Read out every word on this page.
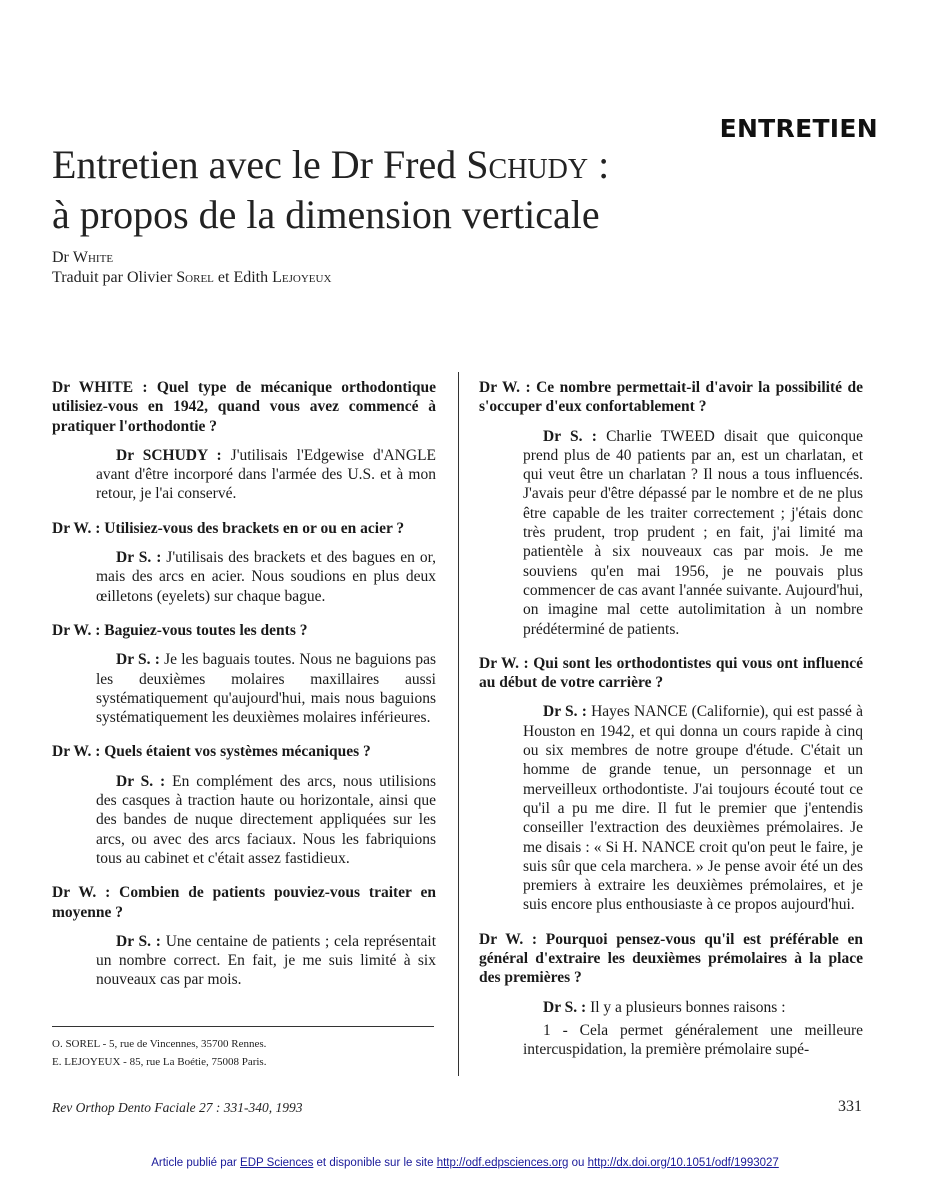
ENTRETIEN
Entretien avec le Dr Fred Schudy :
à propos de la dimension verticale
Dr White
Traduit par Olivier Sorel et Edith Lejoyeux

Dr WHITE : Quel type de mécanique orthodontique utilisiez-vous en 1942, quand vous avez commencé à pratiquer l'orthodontie ?

Dr SCHUDY : J'utilisais l'Edgewise d'ANGLE avant d'être incorporé dans l'armée des U.S. et à mon retour, je l'ai conservé.

Dr W. : Utilisiez-vous des brackets en or ou en acier ?

Dr S. : J'utilisais des brackets et des bagues en or, mais des arcs en acier. Nous soudions en plus deux œilletons (eyelets) sur chaque bague.

Dr W. : Baguiez-vous toutes les dents ?

Dr S. : Je les baguais toutes. Nous ne baguions pas les deuxièmes molaires maxillaires aussi systématiquement qu'aujourd'hui, mais nous baguions systématiquement les deuxièmes molaires inférieures.

Dr W. : Quels étaient vos systèmes mécaniques ?

Dr S. : En complément des arcs, nous utilisions des casques à traction haute ou horizontale, ainsi que des bandes de nuque directement appliquées sur les arcs, ou avec des arcs faciaux. Nous les fabriquions tous au cabinet et c'était assez fastidieux.

Dr W. : Combien de patients pouviez-vous traiter en moyenne ?

Dr S. : Une centaine de patients ; cela représentait un nombre correct. En fait, je me suis limité à six nouveaux cas par mois.

Dr W. : Ce nombre permettait-il d'avoir la possibilité de s'occuper d'eux confortablement ?

Dr S. : Charlie TWEED disait que quiconque prend plus de 40 patients par an, est un charlatan, et qui veut être un charlatan ? Il nous a tous influencés. J'avais peur d'être dépassé par le nombre et de ne plus être capable de les traiter correctement ; j'étais donc très prudent, trop prudent ; en fait, j'ai limité ma patientèle à six nouveaux cas par mois. Je me souviens qu'en mai 1956, je ne pouvais plus commencer de cas avant l'année suivante. Aujourd'hui, on imagine mal cette autolimitation à un nombre prédéterminé de patients.

Dr W. : Qui sont les orthodontistes qui vous ont influencé au début de votre carrière ?

Dr S. : Hayes NANCE (Californie), qui est passé à Houston en 1942, et qui donna un cours rapide à cinq ou six membres de notre groupe d'étude. C'était un homme de grande tenue, un personnage et un merveilleux orthodontiste. J'ai toujours écouté tout ce qu'il a pu me dire. Il fut le premier que j'entendis conseiller l'extraction des deuxièmes prémolaires. Je me disais : « Si H. NANCE croit qu'on peut le faire, je suis sûr que cela marchera. » Je pense avoir été un des premiers à extraire les deuxièmes prémolaires, et je suis encore plus enthousiaste à ce propos aujourd'hui.

Dr W. : Pourquoi pensez-vous qu'il est préférable en général d'extraire les deuxièmes prémolaires à la place des premières ?

Dr S. : Il y a plusieurs bonnes raisons :

1 - Cela permet généralement une meilleure intercuspidation, la première prémolaire supé-

O. SOREL - 5, rue de Vincennes, 35700 Rennes.
E. LEJOYEUX - 85, rue La Boétie, 75008 Paris.
Rev Orthop Dento Faciale 27 : 331-340, 1993	331
Article publié par EDP Sciences et disponible sur le site http://odf.edpsciences.org ou http://dx.doi.org/10.1051/odf/1993027
